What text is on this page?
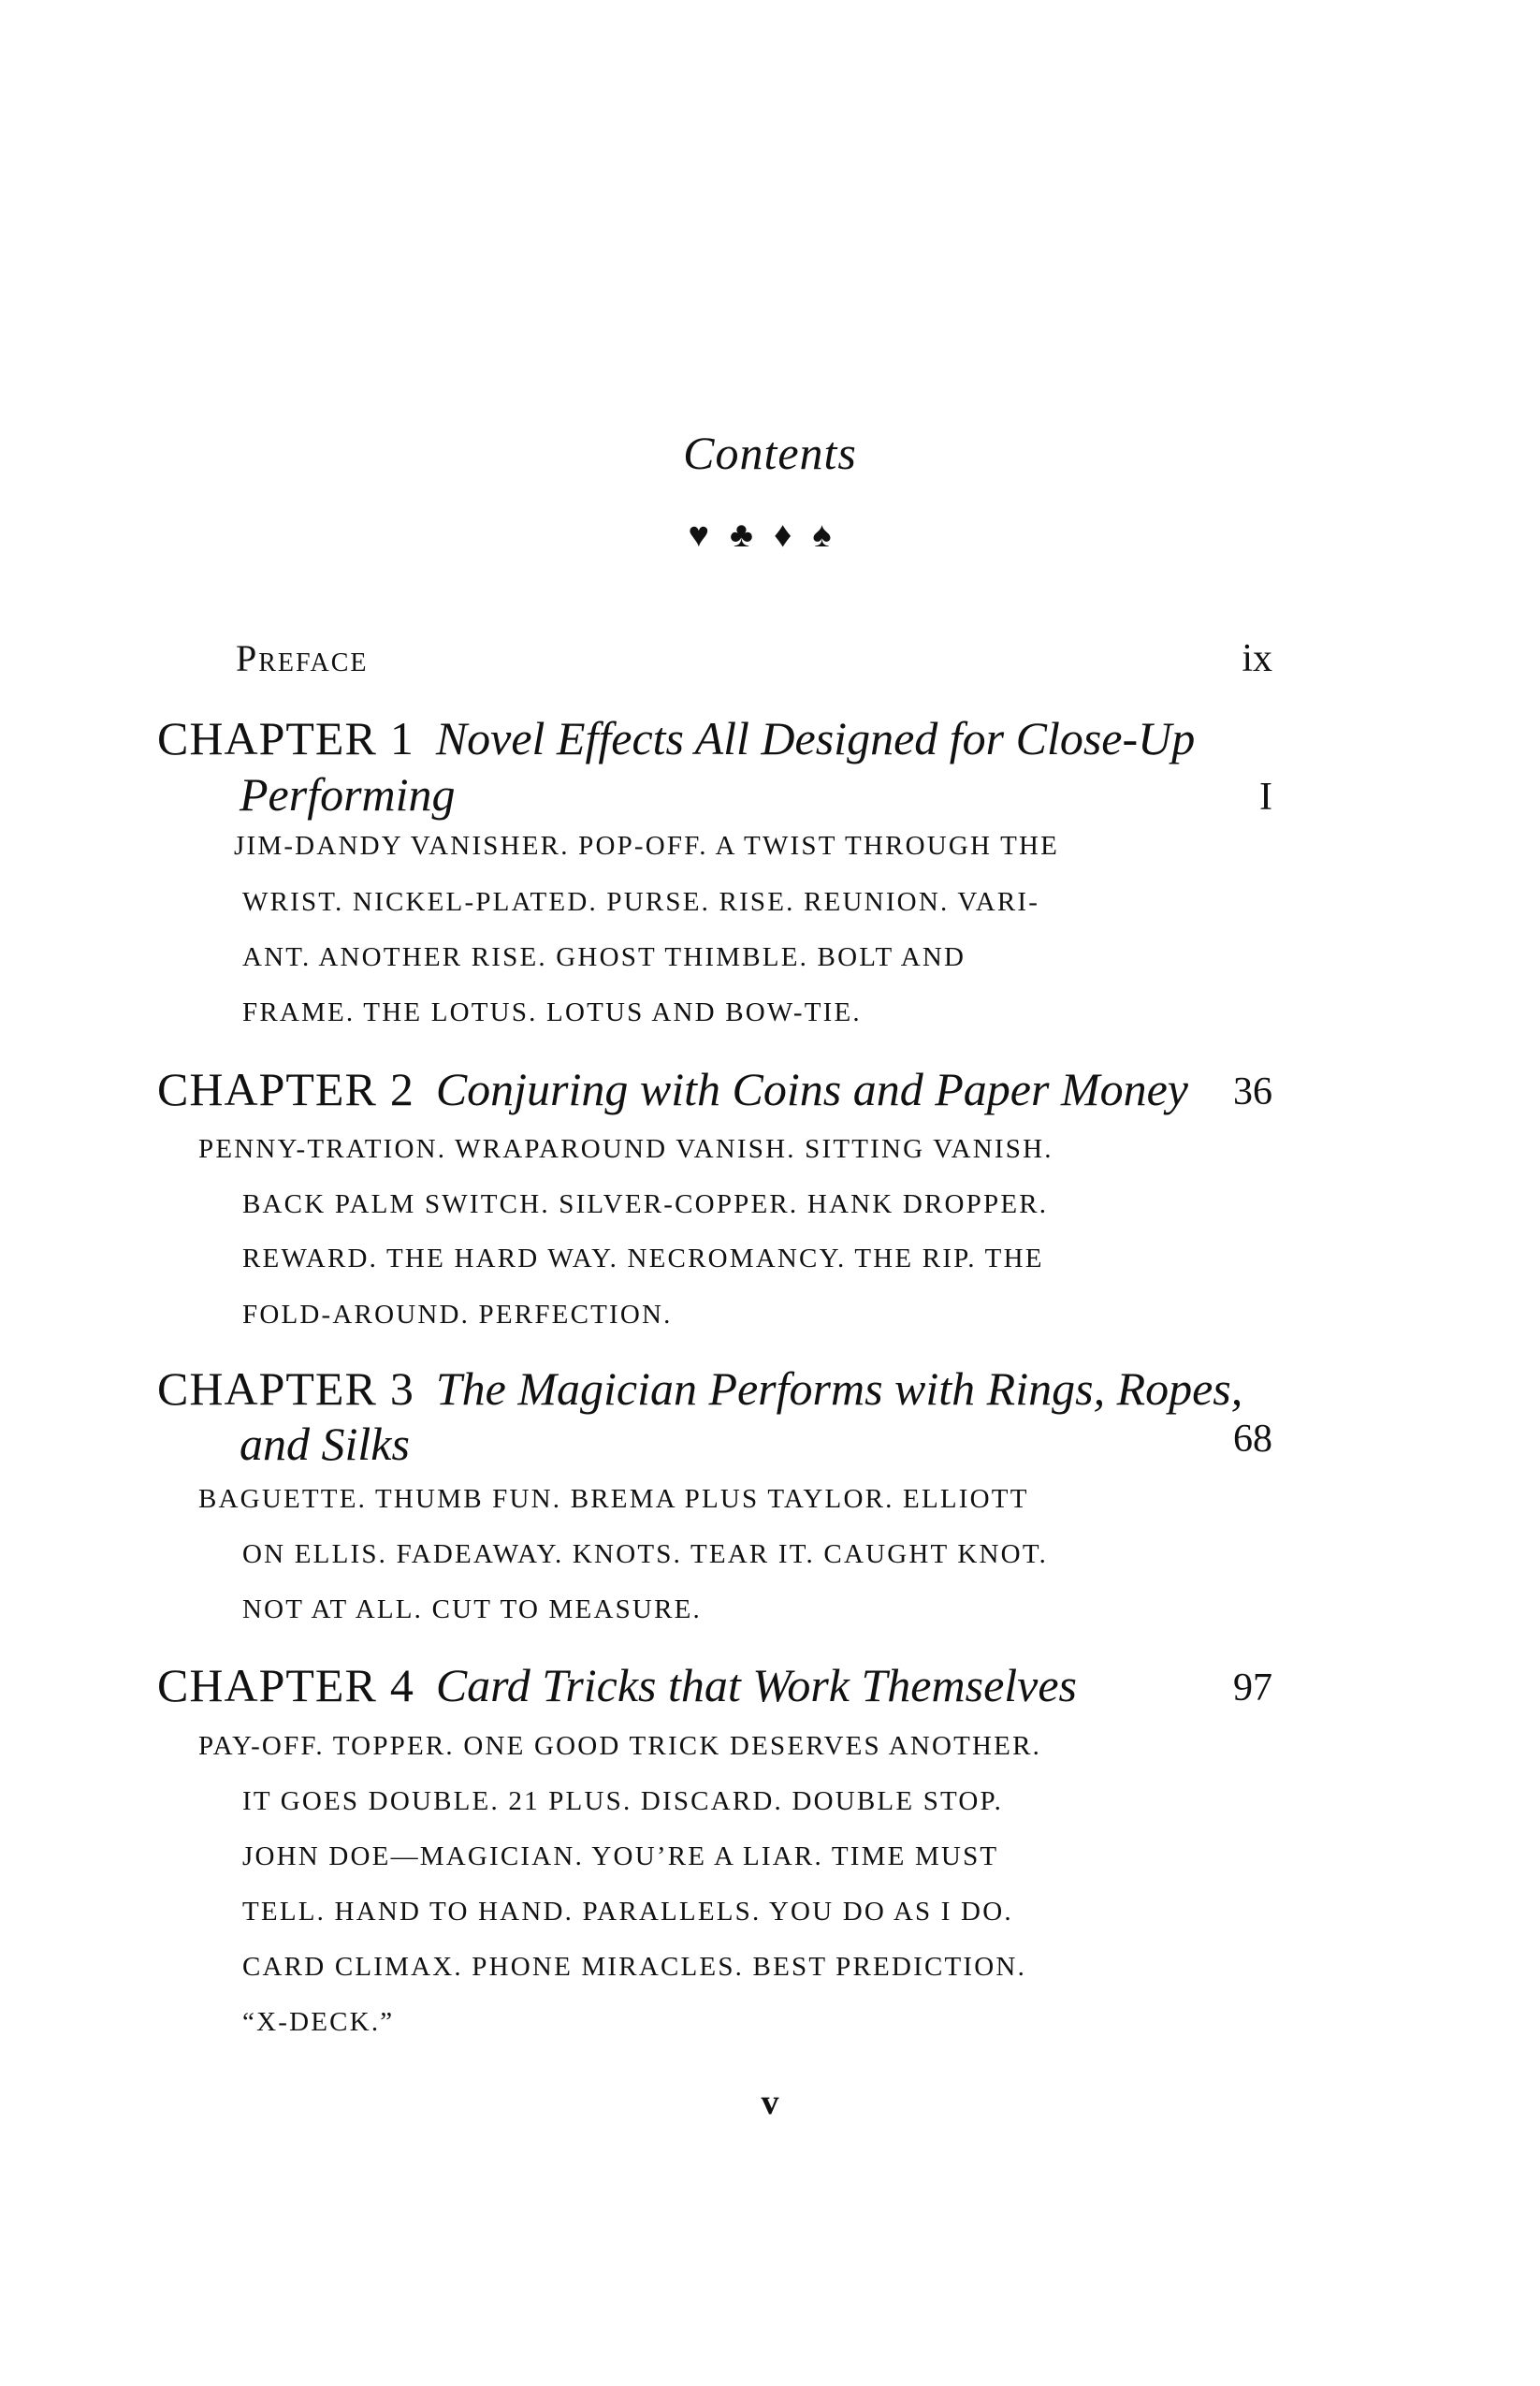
Contents
♥♣♦♠
Preface	ix
CHAPTER 1 Novel Effects All Designed for Close-Up
Performing	I
JIM-DANDY VANISHER. POP-OFF. A TWIST THROUGH THE
WRIST. NICKEL-PLATED. PURSE. RISE. REUNION. VARI-
ANT. ANOTHER RISE. GHOST THIMBLE. BOLT AND
FRAME. THE LOTUS. LOTUS AND BOW-TIE.
CHAPTER 2 Conjuring with Coins and Paper Money	36
PENNY-TRATION. WRAPAROUND VANISH. SITTING VANISH.
BACK PALM SWITCH. SILVER-COPPER. HANK DROPPER.
REWARD. THE HARD WAY. NECROMANCY. THE RIP. THE
FOLD-AROUND. PERFECTION.
CHAPTER 3 The Magician Performs with Rings, Ropes,
and Silks	68
BAGUETTE. THUMB FUN. BREMA PLUS TAYLOR. ELLIOTT
ON ELLIS. FADEAWAY. KNOTS. TEAR IT. CAUGHT KNOT.
NOT AT ALL. CUT TO MEASURE.
CHAPTER 4 Card Tricks that Work Themselves	97
PAY-OFF. TOPPER. ONE GOOD TRICK DESERVES ANOTHER.
IT GOES DOUBLE. 21 PLUS. DISCARD. DOUBLE STOP.
JOHN DOE—MAGICIAN. YOU’RE A LIAR. TIME MUST
TELL. HAND TO HAND. PARALLELS. YOU DO AS I DO.
CARD CLIMAX. PHONE MIRACLES. BEST PREDICTION.
“X-DECK.”
v
